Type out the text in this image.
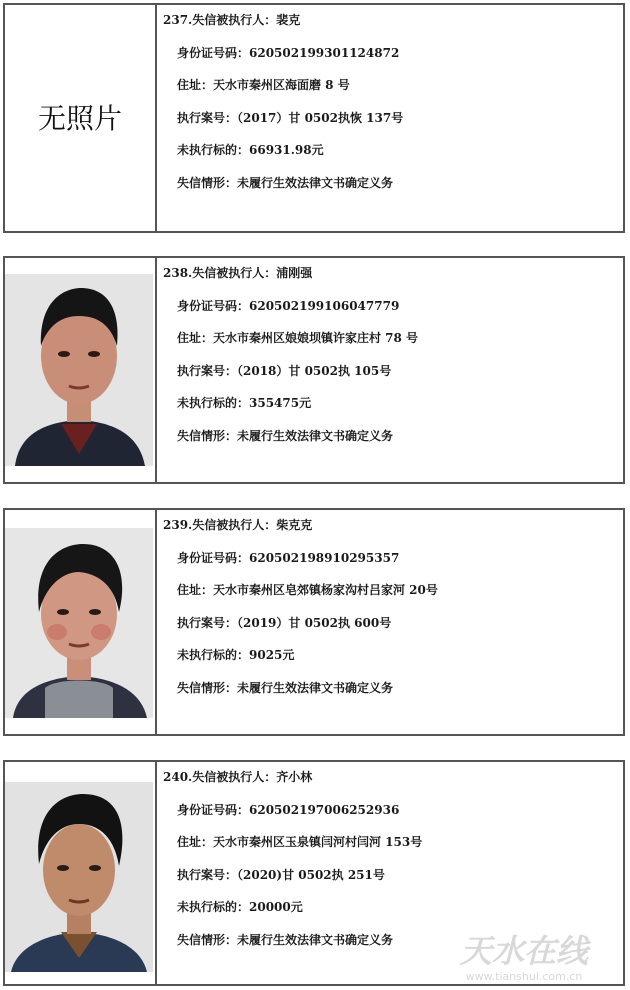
无照片
237.失信被执行人：裴克
身份证号码：620502199301124872
住址：天水市秦州区海面磨 8 号
执行案号：（2017）甘 0502执恢 137号
未执行标的：66931.98元
失信情形：未履行生效法律文书确定义务
238.失信被执行人：浦刚强
身份证号码：620502199106047779
住址：天水市秦州区娘娘坝镇许家庄村 78 号
执行案号：（2018）甘 0502执 105号
未执行标的：355475元
失信情形：未履行生效法律文书确定义务
239.失信被执行人：柴克克
身份证号码：620502198910295357
住址：天水市秦州区皂郊镇杨家沟村吕家河 20号
执行案号：（2019）甘 0502执 600号
未执行标的：9025元
失信情形：未履行生效法律文书确定义务
240.失信被执行人：齐小林
身份证号码：620502197006252936
住址：天水市秦州区玉泉镇闫河村闫河 153号
执行案号：（2020)甘 0502执 251号
未执行标的：20000元
失信情形：未履行生效法律文书确定义务	天水在线
www.tianshui.com.cn
